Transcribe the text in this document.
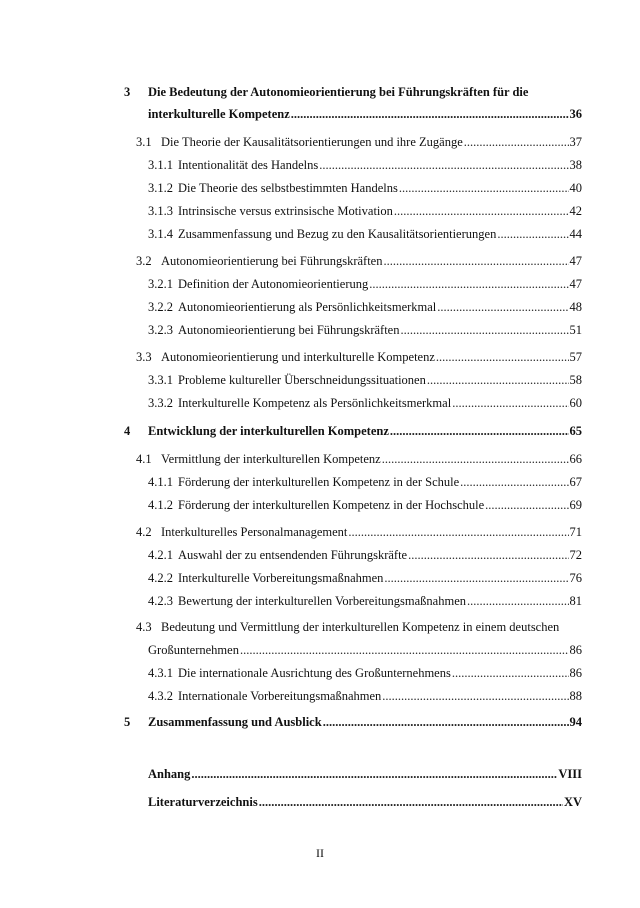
3 Die Bedeutung der Autonomieorientierung bei Führungskräften für die
interkulturelle Kompetenz .....	36
3.1 Die Theorie der Kausalitätsorientierungen und ihre Zugänge .....	37
3.1.1 Intentionalität des Handelns .....	38
3.1.2 Die Theorie des selbstbestimmten Handelns .....	40
3.1.3 Intrinsische versus extrinsische Motivation .....	42
3.1.4 Zusammenfassung und Bezug zu den Kausalitätsorientierungen .....	44
3.2 Autonomieorientierung bei Führungskräften .....	47
3.2.1 Definition der Autonomieorientierung .....	47
3.2.2 Autonomieorientierung als Persönlichkeitsmerkmal .....	48
3.2.3 Autonomieorientierung bei Führungskräften .....	51
3.3 Autonomieorientierung und interkulturelle Kompetenz .....	57
3.3.1 Probleme kultureller Überschneidungssituationen .....	58
3.3.2 Interkulturelle Kompetenz als Persönlichkeitsmerkmal .....	60
4	Entwicklung der interkulturellen Kompetenz .....	65
4.1 Vermittlung der interkulturellen Kompetenz .....	66
4.1.1 Förderung der interkulturellen Kompetenz in der Schule .....	67
4.1.2 Förderung der interkulturellen Kompetenz in der Hochschule .....	69
4.2 Interkulturelles Personalmanagement .....	71
4.2.1 Auswahl der zu entsendenden Führungskräfte .....	72
4.2.2 Interkulturelle Vorbereitungsmaßnahmen .....	76
4.2.3 Bewertung der interkulturellen Vorbereitungsmaßnahmen .....	81
4.3 Bedeutung und Vermittlung der interkulturellen Kompetenz in einem deutschen
Großunternehmen .....	86
4.3.1 Die internationale Ausrichtung des Großunternehmens .....	86
4.3.2 Internationale Vorbereitungsmaßnahmen .....	88
5	Zusammenfassung und Ausblick .....	94
Anhang .....	VIII
Literaturverzeichnis .....	XV
II
